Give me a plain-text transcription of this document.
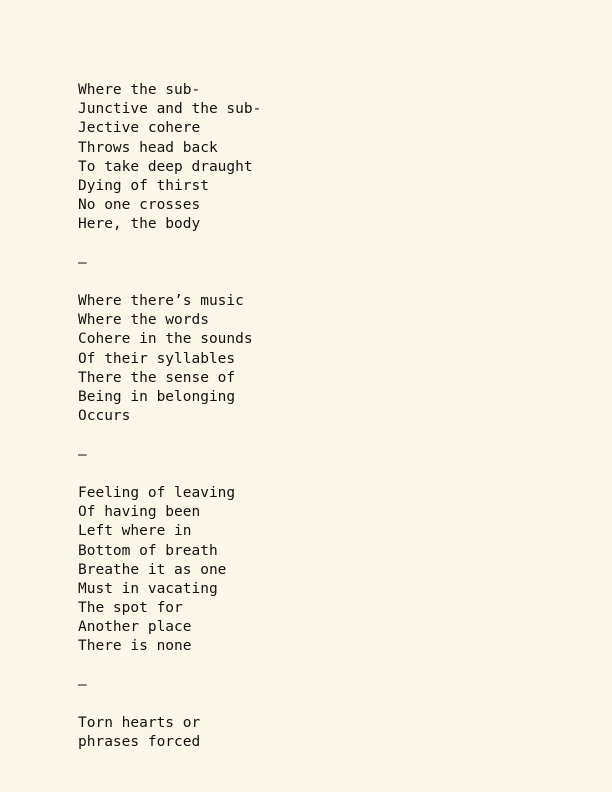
Where the sub-
Junctive and the sub-
Jective cohere
Throws head back
To take deep draught
Dying of thirst
No one crosses
Here, the body
—
Where there’s music
Where the words
Cohere in the sounds
Of their syllables
There the sense of
Being in belonging
Occurs
—
Feeling of leaving
Of having been
Left where in
Bottom of breath
Breathe it as one
Must in vacating
The spot for
Another place
There is none
—
Torn hearts or
phrases forced
